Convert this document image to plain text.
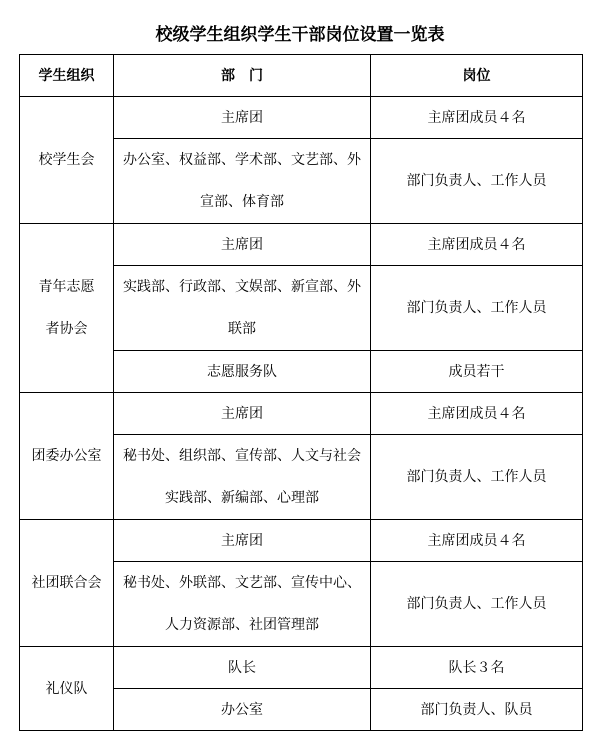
校级学生组织学生干部岗位设置一览表
学生组织	部　门	岗位
校学生会	主席团	主席团成员４名
	办公室、权益部、学术部、文艺部、外宣部、体育部	部门负责人、工作人员
青年志愿者协会	主席团	主席团成员４名
	实践部、行政部、文娱部、新宣部、外联部	部门负责人、工作人员
	志愿服务队	成员若干
团委办公室	主席团	主席团成员４名
	秘书处、组织部、宣传部、人文与社会实践部、新编部、心理部	部门负责人、工作人员
社团联合会	主席团	主席团成员４名
	秘书处、外联部、文艺部、宣传中心、人力资源部、社团管理部	部门负责人、工作人员
礼仪队	队长	队长３名
	办公室	部门负责人、队员
